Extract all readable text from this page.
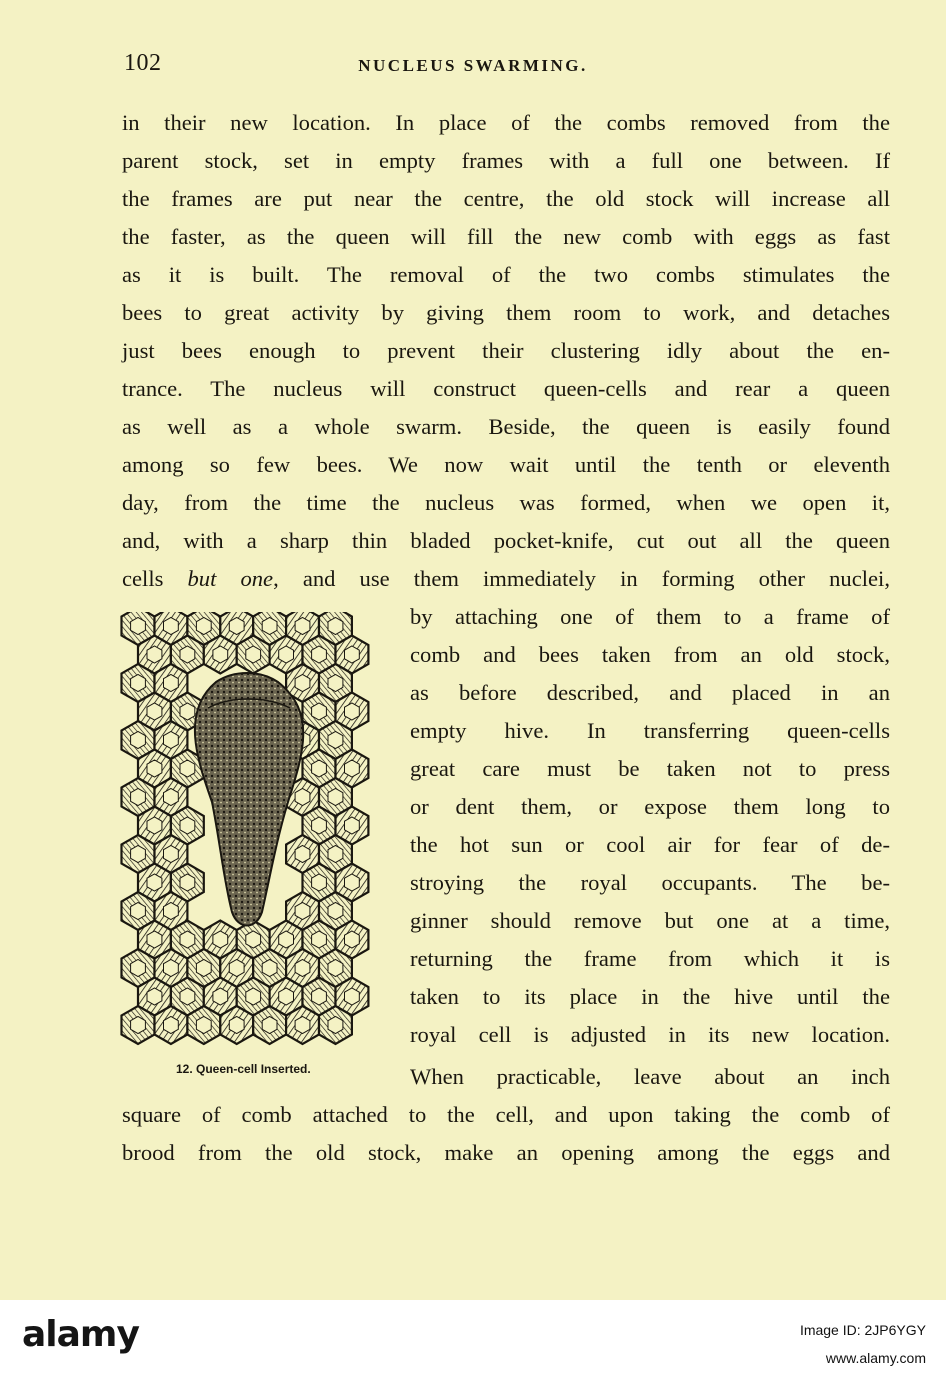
102	NUCLEUS SWARMING.
in their new location. In place of the combs removed from the
parent stock, set in empty frames with a full one between. If
the frames are put near the centre, the old stock will increase all
the faster, as the queen will fill the new comb with eggs as fast
as it is built. The removal of the two combs stimulates the
bees to great activity by giving them room to work, and detaches
just bees enough to prevent their clustering idly about the en-
trance. The nucleus will construct queen-cells and rear a queen
as well as a whole swarm. Beside, the queen is easily found
among so few bees. We now wait until the tenth or eleventh
day, from the time the nucleus was formed, when we open it,
and, with a sharp thin bladed pocket-knife, cut out all the queen
cells but one, and use them immediately in forming other nuclei,
by attaching one of them to a frame of
comb and bees taken from an old stock,
as before described, and placed in an
empty hive. In transferring queen-cells
great care must be taken not to press
or dent them, or expose them long to
the hot sun or cool air for fear of de-
stroying the royal occupants. The be-
ginner should remove but one at a time,
returning the frame from which it is
taken to its place in the hive until the
royal cell is adjusted in its new location.
When practicable, leave about an inch
square of comb attached to the cell, and upon taking the comb of
brood from the old stock, make an opening among the eggs and
12. Queen-cell Inserted.
alamy	Image ID: 2JP6YGY
www.alamy.com
